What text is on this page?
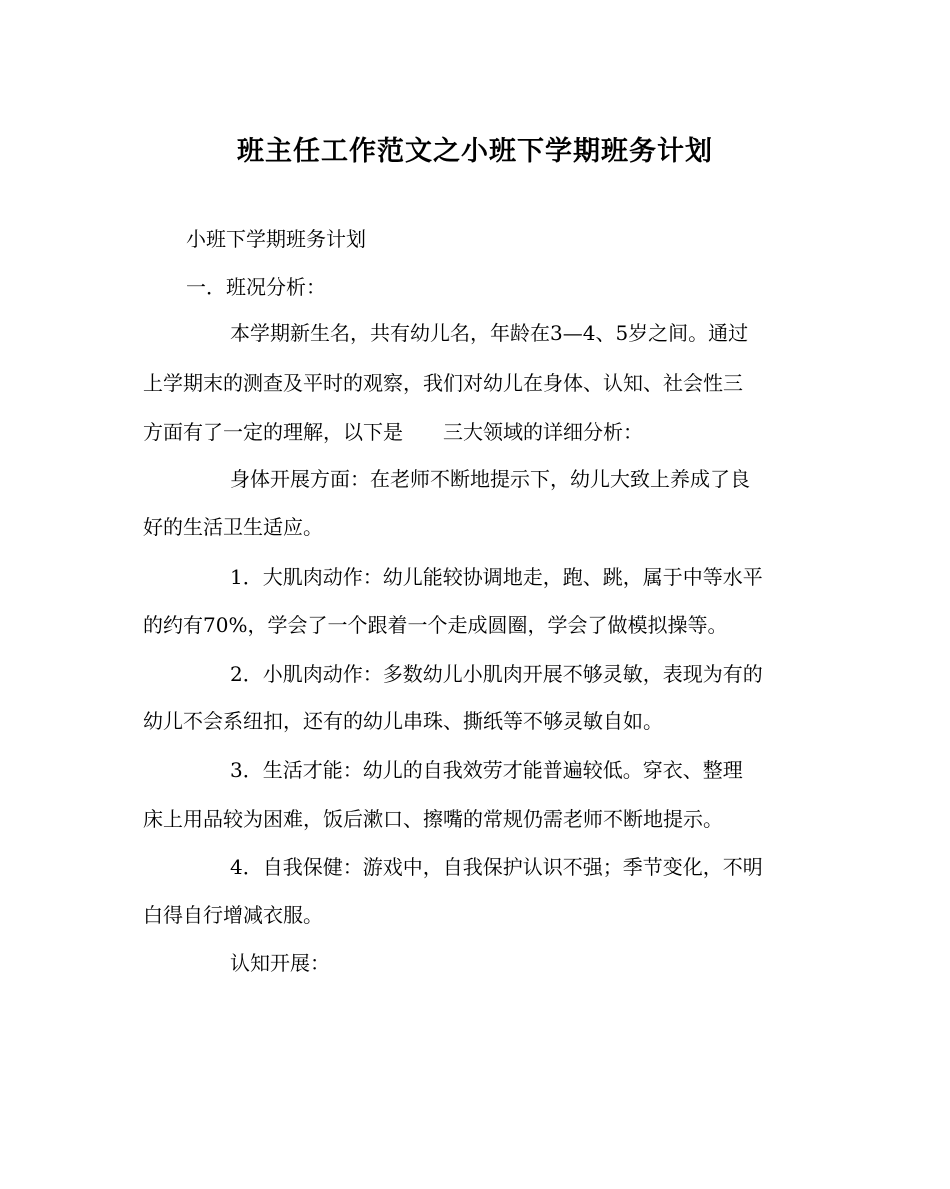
班主任工作范文之小班下学期班务计划
小班下学期班务计划
一．班况分析：
本学期新生名，共有幼儿名，年龄在3—4、5岁之间。通过
上学期末的测查及平时的观察，我们对幼儿在身体、认知、社会性三
方面有了一定的理解，以下是 三大领域的详细分析：
身体开展方面：在老师不断地提示下，幼儿大致上养成了良
好的生活卫生适应。
1．大肌肉动作：幼儿能较协调地走，跑、跳，属于中等水平
的约有70%，学会了一个跟着一个走成圆圈，学会了做模拟操等。
2．小肌肉动作：多数幼儿小肌肉开展不够灵敏，表现为有的
幼儿不会系纽扣，还有的幼儿串珠、撕纸等不够灵敏自如。
3．生活才能：幼儿的自我效劳才能普遍较低。穿衣、整理
床上用品较为困难，饭后漱口、擦嘴的常规仍需老师不断地提示。
4．自我保健：游戏中，自我保护认识不强；季节变化，不明
白得自行增减衣服。
认知开展：
